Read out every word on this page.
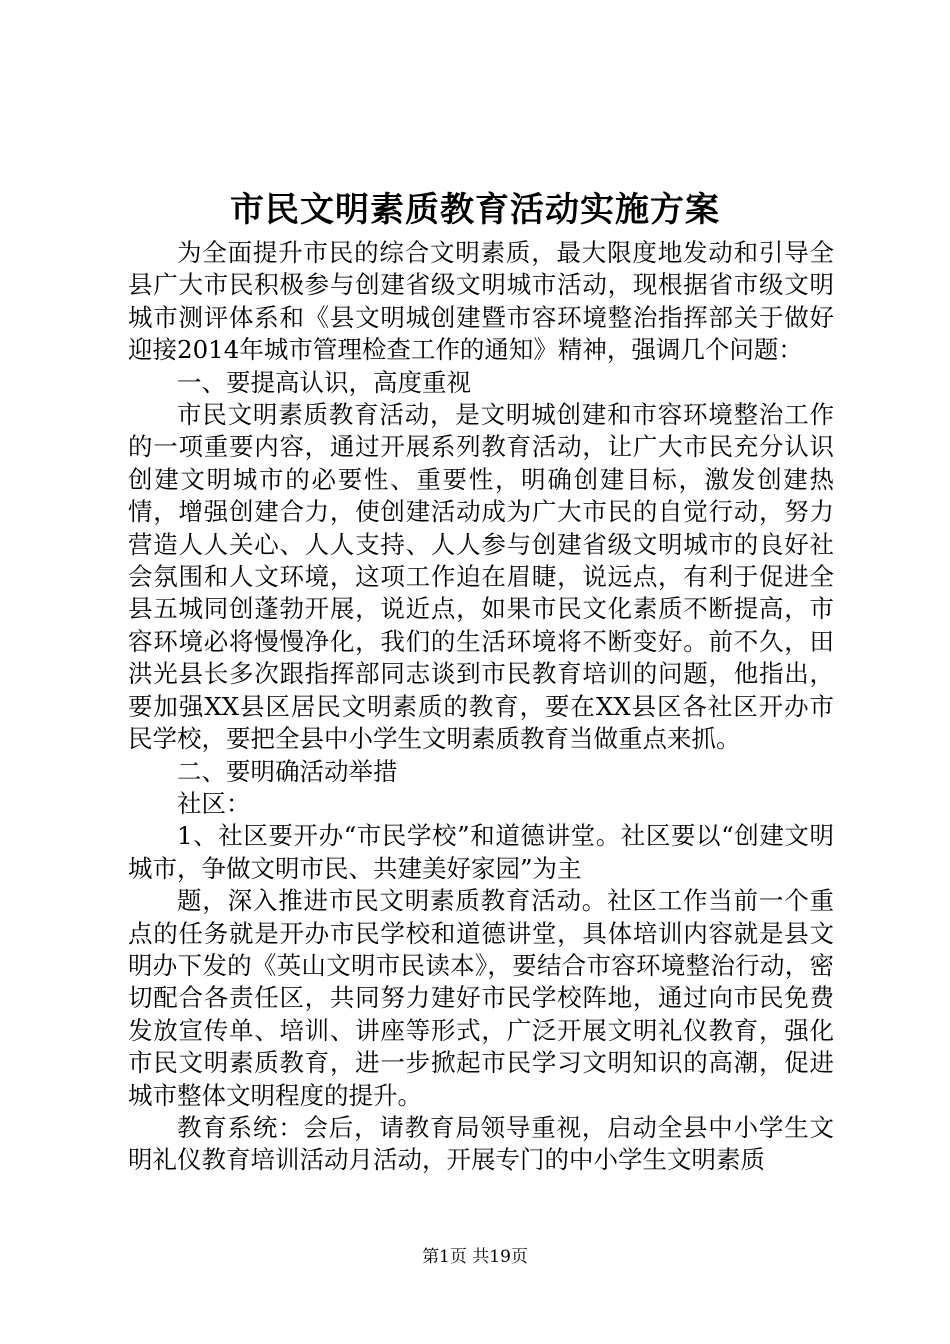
市民文明素质教育活动实施方案

为全面提升市民的综合文明素质，最大限度地发动和引导全县广大市民积极参与创建省级文明城市活动，现根据省市级文明城市测评体系和《县文明城创建暨市容环境整治指挥部关于做好迎接2014年城市管理检查工作的通知》精神，强调几个问题：

一、要提高认识，高度重视

市民文明素质教育活动，是文明城创建和市容环境整治工作的一项重要内容，通过开展系列教育活动，让广大市民充分认识创建文明城市的必要性、重要性，明确创建目标，激发创建热情，增强创建合力，使创建活动成为广大市民的自觉行动，努力营造人人关心、人人支持、人人参与创建省级文明城市的良好社会氛围和人文环境，这项工作迫在眉睫，说远点，有利于促进全县五城同创蓬勃开展，说近点，如果市民文化素质不断提高，市容环境必将慢慢净化，我们的生活环境将不断变好。前不久，田洪光县长多次跟指挥部同志谈到市民教育培训的问题，他指出，要加强XX县区居民文明素质的教育，要在XX县区各社区开办市民学校，要把全县中小学生文明素质教育当做重点来抓。

二、要明确活动举措

社区：

1、社区要开办“市民学校”和道德讲堂。社区要以“创建文明城市，争做文明市民、共建美好家园”为主

题，深入推进市民文明素质教育活动。社区工作当前一个重点的任务就是开办市民学校和道德讲堂，具体培训内容就是县文明办下发的《英山文明市民读本》，要结合市容环境整治行动，密切配合各责任区，共同努力建好市民学校阵地，通过向市民免费发放宣传单、培训、讲座等形式，广泛开展文明礼仪教育，强化市民文明素质教育，进一步掀起市民学习文明知识的高潮，促进城市整体文明程度的提升。

教育系统：会后，请教育局领导重视，启动全县中小学生文明礼仪教育培训活动月活动，开展专门的中小学生文明素质

第1页 共19页
